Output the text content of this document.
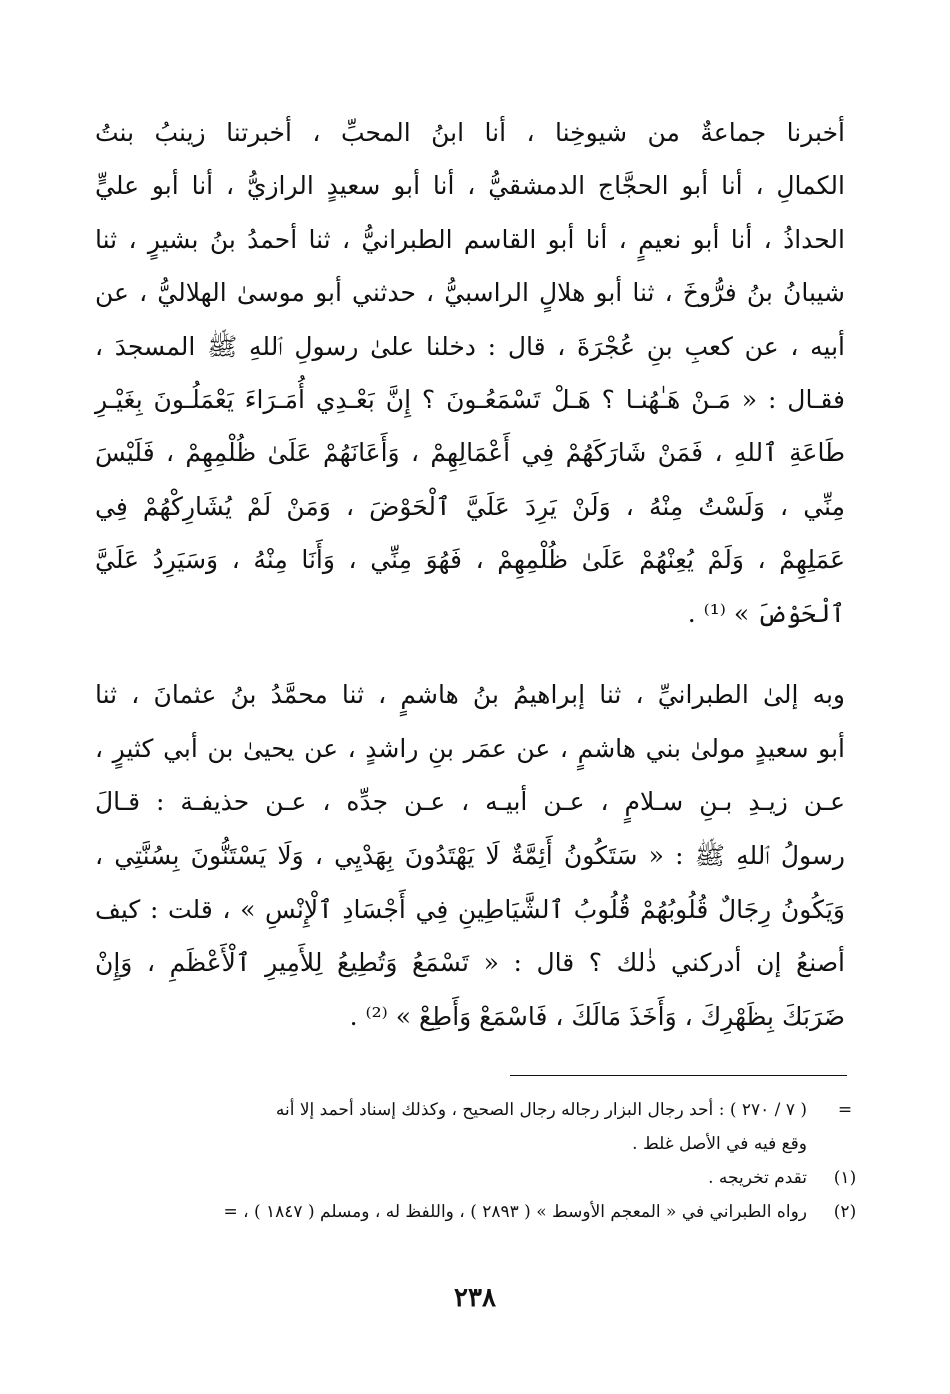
أخبرنا جماعةٌ من شيوخِنا ، أنا ابنُ المحبِّ ، أخبرتنا زينبُ بنتُ
الكمالِ ، أنا أبو الحجَّاج الدمشقيُّ ، أنا أبو سعيدٍ الرازيُّ ، أنا أبو عليٍّ
الحداذُ ، أنا أبو نعيمٍ ، أنا أبو القاسم الطبرانيُّ ، ثنا أحمدُ بنُ بشيرٍ ، ثنا
شيبانُ بنُ فرُّوخَ ، ثنا أبو هلالٍ الراسبيُّ ، حدثني أبو موسىٰ الهلاليُّ ، عن
أبيه ، عن كعبِ بنِ عُجْرَةَ ، قال : دخلنا علىٰ رسولِ ٱللهِ ﷺ المسجدَ ،
فقـال : « مَـنْ هَـٰهُنـا ؟ هَـلْ تَسْمَعُـونَ ؟ إِنَّ بَعْـدِي أُمَـرَاءَ يَعْمَلُـونَ بِغَيْـرِ
طَاعَةِ ٱللهِ ، فَمَنْ شَارَكَهُمْ فِي أَعْمَالِهِمْ ، وَأَعَانَهُمْ عَلَىٰ ظُلْمِهِمْ ، فَلَيْسَ
مِنِّي ، وَلَسْتُ مِنْهُ ، وَلَنْ يَرِدَ عَلَيَّ ٱلْحَوْضَ ، وَمَنْ لَمْ يُشَارِكْهُمْ فِي
عَمَلِهِمْ ، وَلَمْ يُعِنْهُمْ عَلَىٰ ظُلْمِهِمْ ، فَهُوَ مِنِّي ، وَأَنَا مِنْهُ ، وَسَيَرِدُ عَلَيَّ
ٱلْحَوْضَ » ⁽¹⁾ .
وبه إلىٰ الطبرانيِّ ، ثنا إبراهيمُ بنُ هاشمٍ ، ثنا محمَّدُ بنُ عثمانَ ، ثنا
أبو سعيدٍ مولىٰ بني هاشمٍ ، عن عمَر بنِ راشدٍ ، عن يحيىٰ بن أبي كثيرٍ ،
عـن زيـدِ بـنِ سـلامٍ ، عـن أبيـه ، عـن جدِّه ، عـن حذيفـة : قـالَ
رسولُ ٱللهِ ﷺ : « سَتَكُونُ أَئِمَّةٌ لَا يَهْتَدُونَ بِهَدْيِي ، وَلَا يَسْتَنُّونَ بِسُنَّتِي ،
وَيَكُونُ رِجَالٌ قُلُوبُهُمْ قُلُوبُ ٱلشَّيَاطِينِ فِي أَجْسَادِ ٱلْإِنْسِ » ، قلت : كيف
أصنعُ إن أدركني ذٰلك ؟ قال : « تَسْمَعُ وَتُطِيعُ لِلأَمِيرِ ٱلْأَعْظَمِ ، وَإِنْ
ضَرَبَكَ بِظَهْرِكَ ، وَأَخَذَ مَالَكَ ، فَاسْمَعْ وَأَطِعْ » ⁽²⁾ .
=
( ٧ / ٢٧٠ ) : أحد رجال البزار رجاله رجال الصحيح ، وكذلك إسناد أحمد إلا أنه
وقع فيه في الأصل غلط .
(١)
تقدم تخريجه .
(٢)
رواه الطبراني في « المعجم الأوسط » ( ٢٨٩٣ ) ، واللفظ له ، ومسلم ( ١٨٤٧ ) ، =
٢٣٨
